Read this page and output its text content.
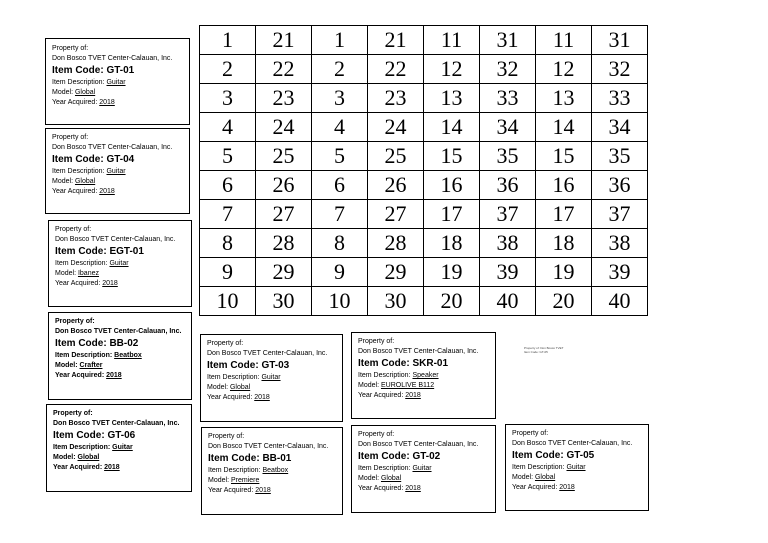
1	21	1	21	11	31	11	31
2	22	2	22	12	32	12	32
3	23	3	23	13	33	13	33
4	24	4	24	14	34	14	34
5	25	5	25	15	35	15	35
6	26	6	26	16	36	16	36
7	27	7	27	17	37	17	37
8	28	8	28	18	38	18	38
9	29	9	29	19	39	19	39
10	30	10	30	20	40	20	40
Property of:
Don Bosco TVET Center-Calauan, Inc.
Item Code: GT-01
Item Description: Guitar
Model: Global
Year Acquired: 2018
Property of:
Don Bosco TVET Center-Calauan, Inc.
Item Code: GT-04
Item Description: Guitar
Model: Global
Year Acquired: 2018
Property of:
Don Bosco TVET Center-Calauan, Inc.
Item Code: EGT-01
Item Description: Guitar
Model: Ibanez
Year Acquired: 2018
Property of:
Don Bosco TVET Center-Calauan, Inc.
Item Code: BB-02
Item Description: Beatbox
Model: Crafter
Year Acquired: 2018
Property of:
Don Bosco TVET Center-Calauan, Inc.
Item Code: GT-06
Item Description: Guitar
Model: Global
Year Acquired: 2018
Property of:
Don Bosco TVET Center-Calauan, Inc.
Item Code: GT-03
Item Description: Guitar
Model: Global
Year Acquired: 2018
Property of:
Don Bosco TVET Center-Calauan, Inc.
Item Code: SKR-01
Item Description: Speaker
Model: EUROLIVE B112
Year Acquired: 2018
Property of: Don Bosco TVET
Item Code: GT-05
Property of:
Don Bosco TVET Center-Calauan, Inc.
Item Code: BB-01
Item Description: Beatbox
Model: Premiere
Year Acquired: 2018
Property of:
Don Bosco TVET Center-Calauan, Inc.
Item Code: GT-02
Item Description: Guitar
Model: Global
Year Acquired: 2018
Property of:
Don Bosco TVET Center-Calauan, Inc.
Item Code: GT-05
Item Description: Guitar
Model: Global
Year Acquired: 2018
